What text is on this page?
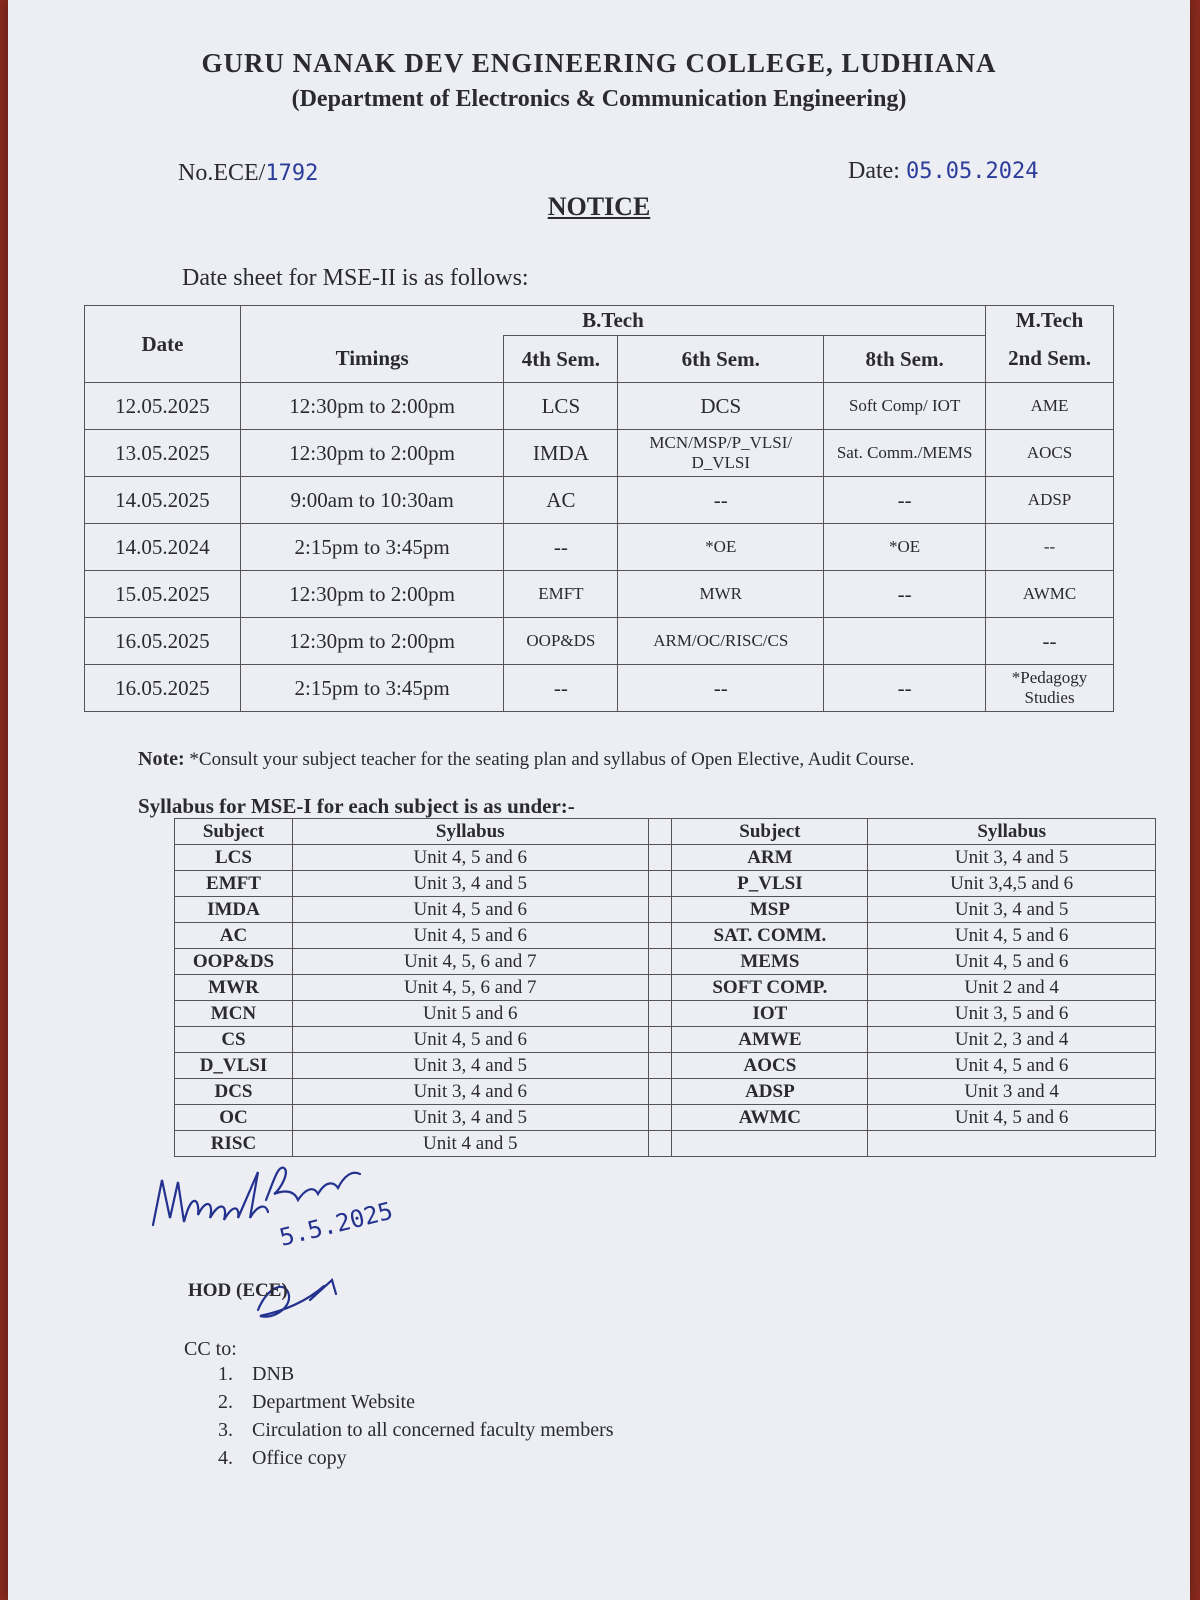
GURU NANAK DEV ENGINEERING COLLEGE, LUDHIANA
(Department of Electronics & Communication Engineering)
No.ECE/1792	Date: 05.05.2024
NOTICE
Date sheet for MSE-II is as follows:
Date	B.Tech				M.Tech
	Timings	4th Sem.	6th Sem.	8th Sem.	2nd Sem.
12.05.2025	12:30pm to 2:00pm	LCS	DCS	Soft Comp/ IOT	AME
13.05.2025	12:30pm to 2:00pm	IMDA	MCN/MSP/P_VLSI/ D_VLSI	Sat. Comm./MEMS	AOCS
14.05.2025	9:00am to 10:30am	AC	--	--	ADSP
14.05.2024	2:15pm to 3:45pm	--	*OE	*OE	--
15.05.2025	12:30pm to 2:00pm	EMFT	MWR	--	AWMC
16.05.2025	12:30pm to 2:00pm	OOP&DS	ARM/OC/RISC/CS		--
16.05.2025	2:15pm to 3:45pm	--	--	--	*Pedagogy Studies
Note: *Consult your subject teacher for the seating plan and syllabus of Open Elective, Audit Course.
Syllabus for MSE-I for each subject is as under:-
Subject	Syllabus		Subject	Syllabus
LCS	Unit 4, 5 and 6		ARM	Unit 3, 4 and 5
EMFT	Unit 3, 4 and 5		P_VLSI	Unit 3,4,5 and 6
IMDA	Unit 4, 5 and 6		MSP	Unit 3, 4 and 5
AC	Unit 4, 5 and 6		SAT. COMM.	Unit 4, 5 and 6
OOP&DS	Unit 4, 5, 6 and 7		MEMS	Unit 4, 5 and 6
MWR	Unit 4, 5, 6 and 7		SOFT COMP.	Unit 2 and 4
MCN	Unit 5 and 6		IOT	Unit 3, 5 and 6
CS	Unit 4, 5 and 6		AMWE	Unit 2, 3 and 4
D_VLSI	Unit 3, 4 and 5		AOCS	Unit 4, 5 and 6
DCS	Unit 3, 4 and 6		ADSP	Unit 3 and 4
OC	Unit 3, 4 and 5		AWMC	Unit 4, 5 and 6
RISC	Unit 4 and 5			
5.5.2025
HOD (ECE)
CC to:
1. DNB
2. Department Website
3. Circulation to all concerned faculty members
4. Office copy
